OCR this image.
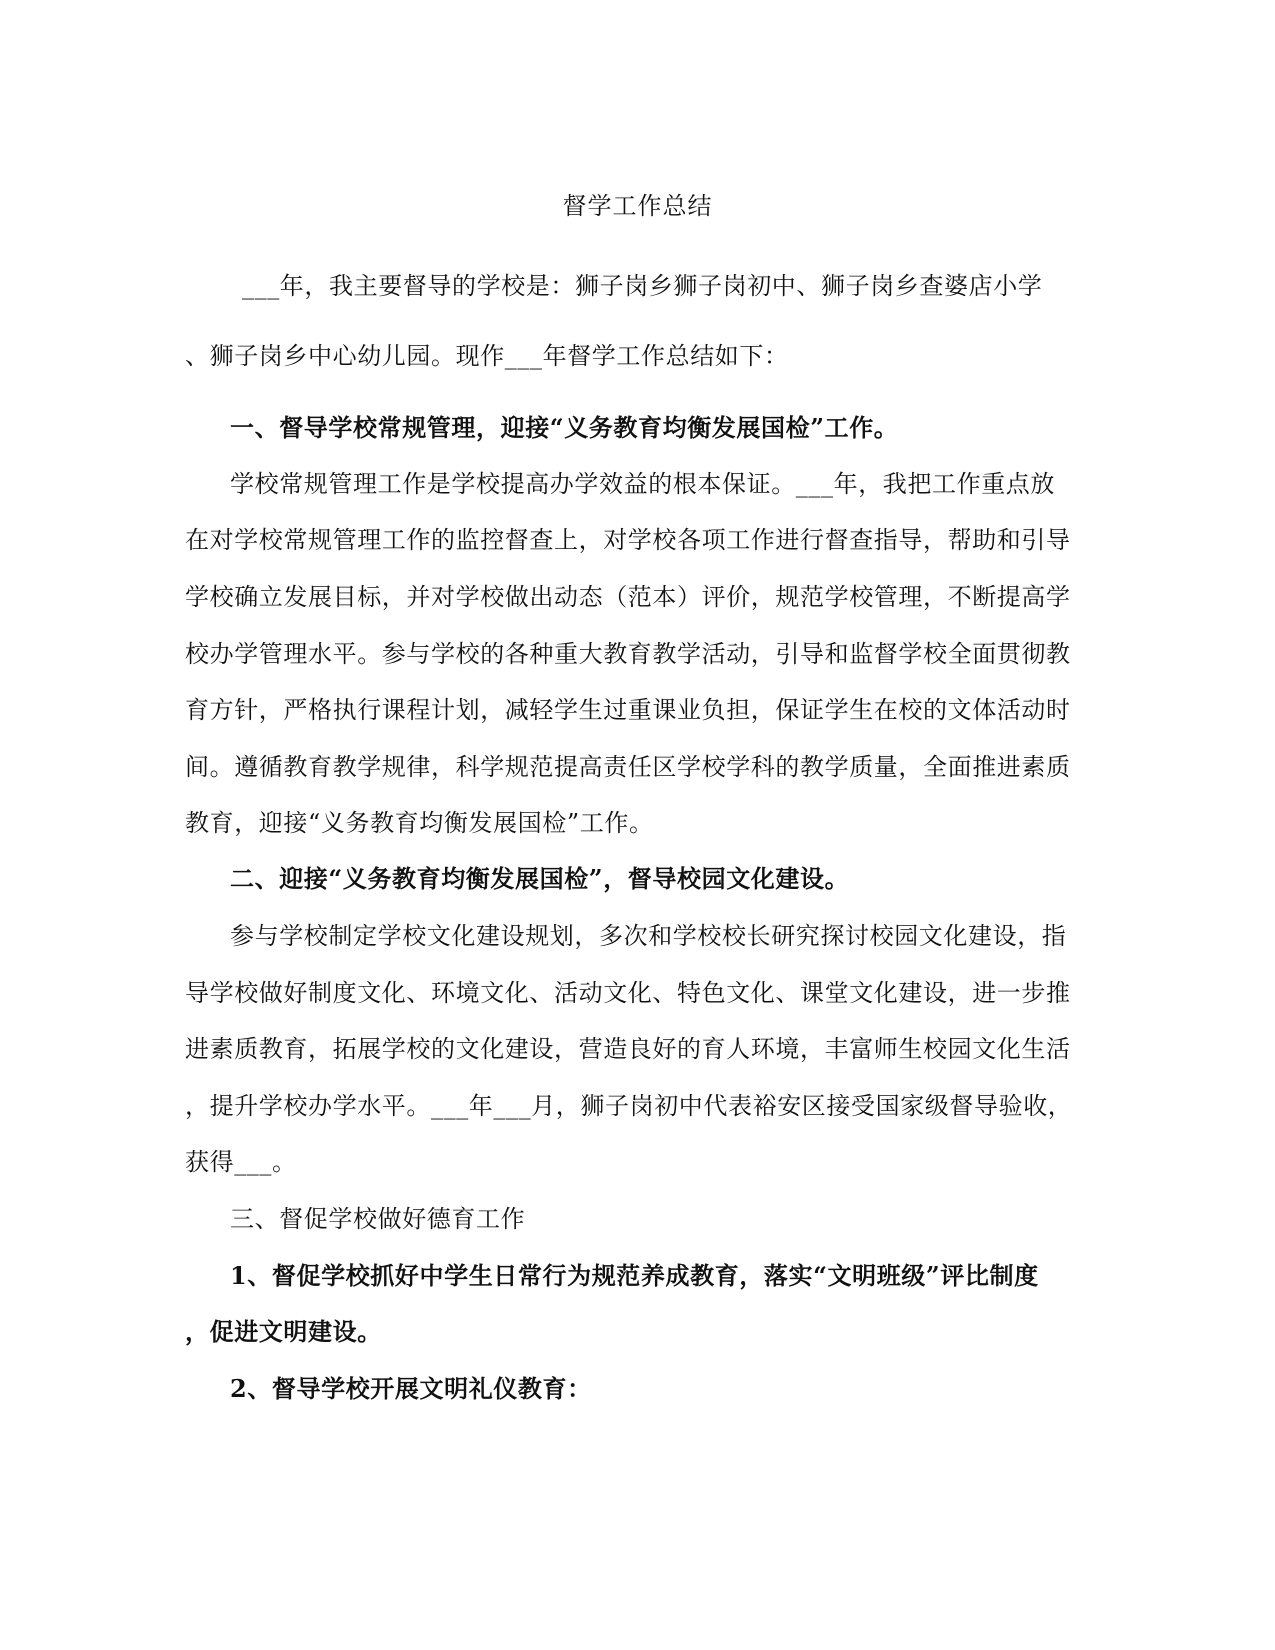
督学工作总结
___年，我主要督导的学校是：狮子岗乡狮子岗初中、狮子岗乡查婆店小学
、狮子岗乡中心幼儿园。现作___年督学工作总结如下：
一、督导学校常规管理，迎接“义务教育均衡发展国检”工作。
学校常规管理工作是学校提高办学效益的根本保证。___年，我把工作重点放
在对学校常规管理工作的监控督查上，对学校各项工作进行督查指导，帮助和引导
学校确立发展目标，并对学校做出动态（范本）评价，规范学校管理，不断提高学
校办学管理水平。参与学校的各种重大教育教学活动，引导和监督学校全面贯彻教
育方针，严格执行课程计划，减轻学生过重课业负担，保证学生在校的文体活动时
间。遵循教育教学规律，科学规范提高责任区学校学科的教学质量，全面推进素质
教育，迎接“义务教育均衡发展国检”工作。
二、迎接“义务教育均衡发展国检”，督导校园文化建设。
参与学校制定学校文化建设规划，多次和学校校长研究探讨校园文化建设，指
导学校做好制度文化、环境文化、活动文化、特色文化、课堂文化建设，进一步推
进素质教育，拓展学校的文化建设，营造良好的育人环境，丰富师生校园文化生活
，提升学校办学水平。___年___月，狮子岗初中代表裕安区接受国家级督导验收，
获得___。
三、督促学校做好德育工作
1、督促学校抓好中学生日常行为规范养成教育，落实“文明班级”评比制度
，促进文明建设。
2、督导学校开展文明礼仪教育：
